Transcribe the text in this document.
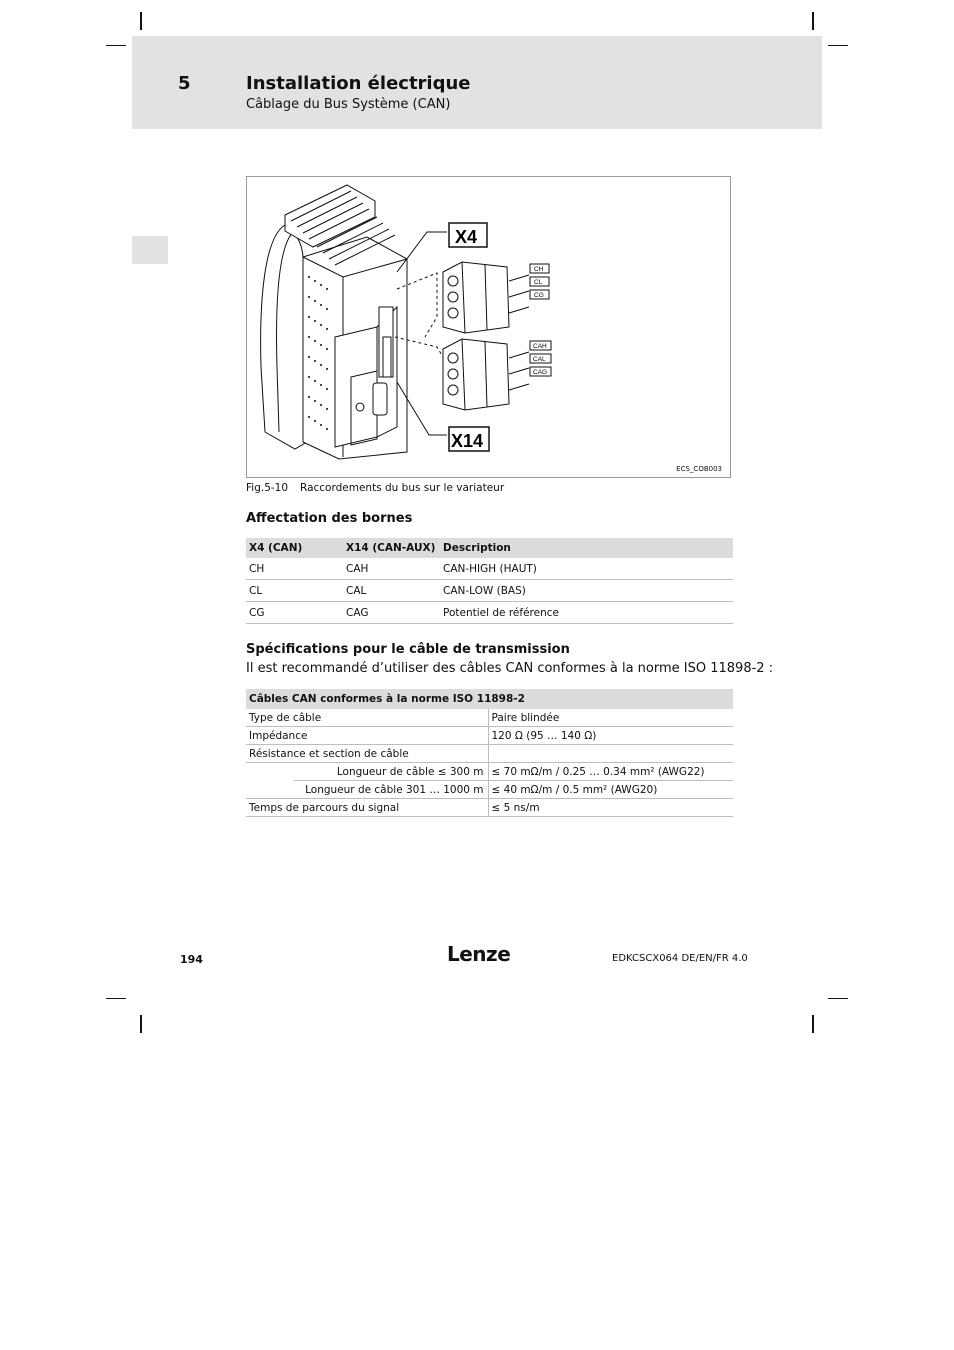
5	Installation électrique
Câblage du Bus Système (CAN)
X4
X14
CH
CL
CG
CAH
CAL
CAG
ECS_COB003
Fig.5-10 Raccordements du bus sur le variateur
Affectation des bornes
X4 (CAN)	X14 (CAN-AUX)	Description
CH	CAH	CAN-HIGH (HAUT)
CL	CAL	CAN-LOW (BAS)
CG	CAG	Potentiel de référence
Spécifications pour le câble de transmission
Il est recommandé d’utiliser des câbles CAN conformes à la norme ISO 11898-2 :
Câbles CAN conformes à la norme ISO 11898-2		
Type de câble		Paire blindée
Impédance		120 Ω (95 … 140 Ω)
Résistance et section de câble		
	Longueur de câble ≤ 300 m	≤ 70 mΩ/m / 0.25 … 0.34 mm² (AWG22)
	Longueur de câble 301 … 1000 m	≤ 40 mΩ/m / 0.5 mm² (AWG20)
Temps de parcours du signal		≤ 5 ns/m
194	Lenze	EDKCSCX064 DE/EN/FR 4.0
